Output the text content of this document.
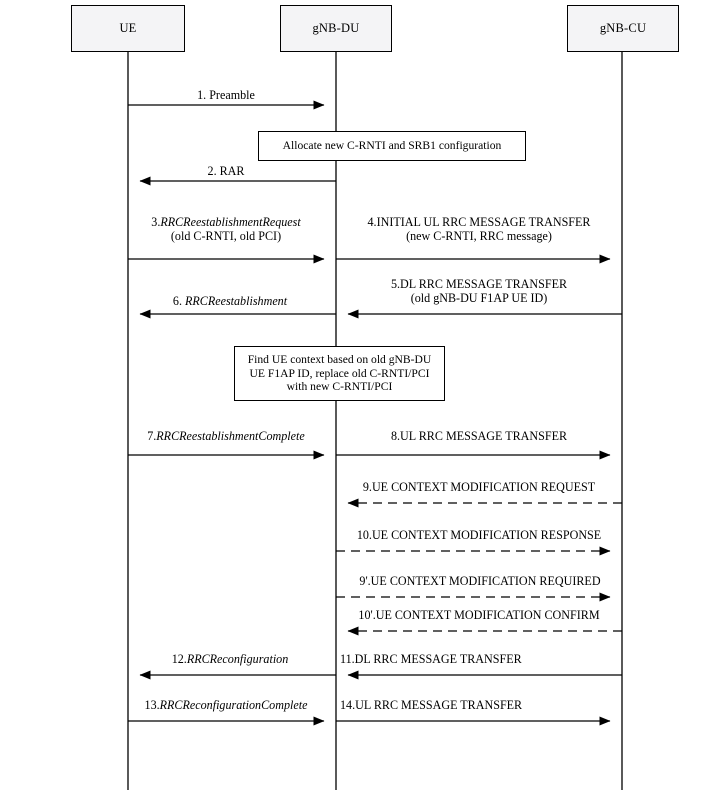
UE	gNB-DU	gNB-CU
Allocate new C-RNTI and SRB1 configuration
Find UE context based on old gNB-DU UE F1AP ID, replace old C-RNTI/PCI with new C-RNTI/PCI
1. Preamble
2. RAR
3.RRCReestablishmentRequest
(old C-RNTI, old PCI)
4.INITIAL UL RRC MESSAGE TRANSFER
(new C-RNTI, RRC message)
5.DL RRC MESSAGE TRANSFER
(old gNB-DU F1AP UE ID)
6. RRCReestablishment
7.RRCReestablishmentComplete	8.UL RRC MESSAGE TRANSFER
9.UE CONTEXT MODIFICATION REQUEST
10.UE CONTEXT MODIFICATION RESPONSE
9'.UE CONTEXT MODIFICATION REQUIRED
10'.UE CONTEXT MODIFICATION CONFIRM
11.DL RRC MESSAGE TRANSFER
12.RRCReconfiguration
13.RRCReconfigurationComplete	14.UL RRC MESSAGE TRANSFER
